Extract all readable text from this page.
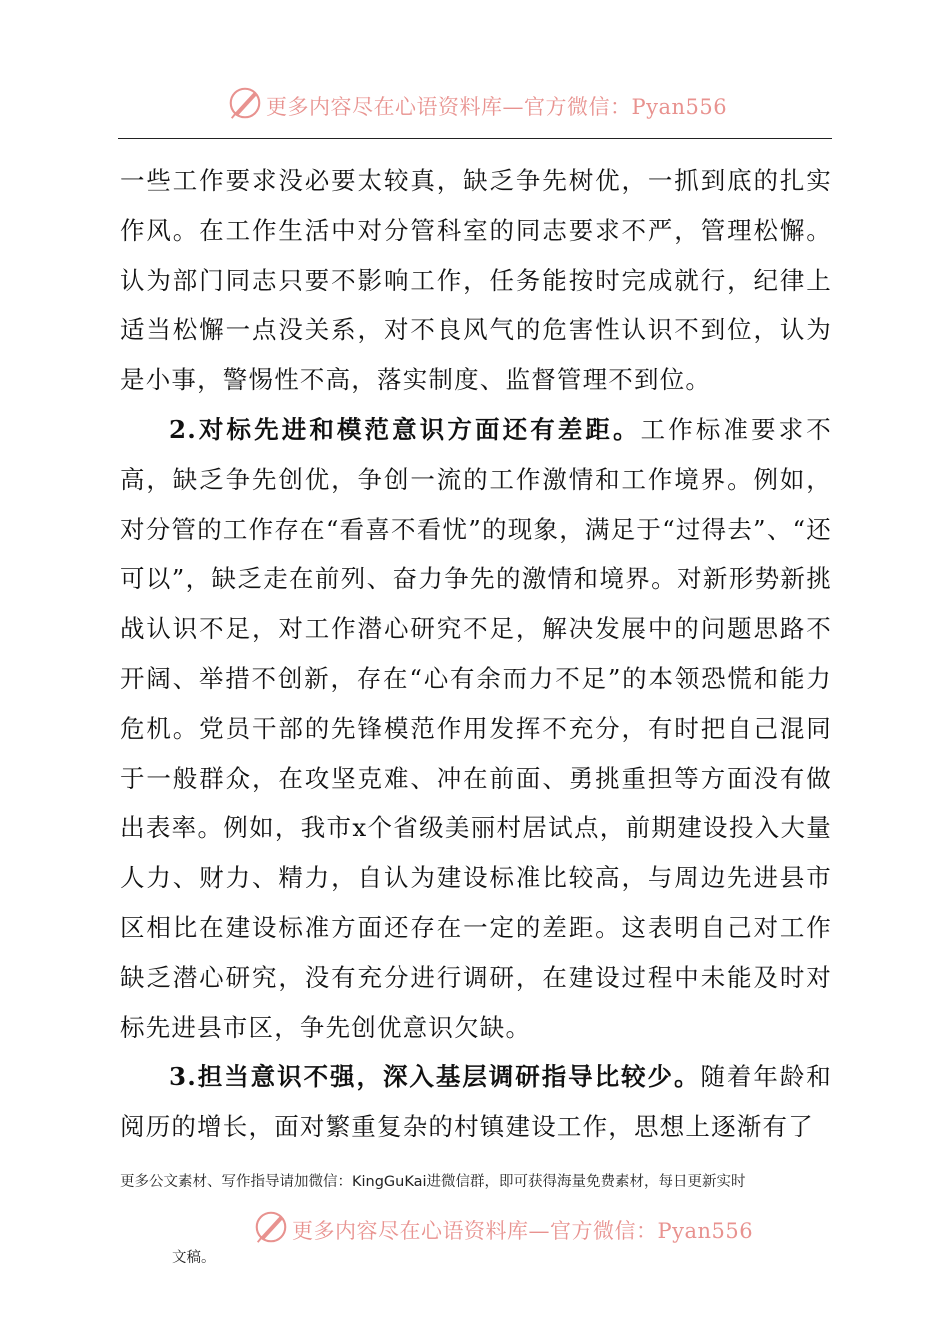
更多内容尽在心语资料库—官方微信：Pyan556

一些工作要求没必要太较真，缺乏争先树优，一抓到底的扎实作风。在工作生活中对分管科室的同志要求不严，管理松懈。认为部门同志只要不影响工作，任务能按时完成就行，纪律上适当松懈一点没关系，对不良风气的危害性认识不到位，认为是小事，警惕性不高，落实制度、监督管理不到位。

2.对标先进和模范意识方面还有差距。工作标准要求不高，缺乏争先创优，争创一流的工作激情和工作境界。例如，对分管的工作存在“看喜不看忧”的现象，满足于“过得去”、“还可以”，缺乏走在前列、奋力争先的激情和境界。对新形势新挑战认识不足，对工作潜心研究不足，解决发展中的问题思路不开阔、举措不创新，存在“心有余而力不足”的本领恐慌和能力危机。党员干部的先锋模范作用发挥不充分，有时把自己混同于一般群众，在攻坚克难、冲在前面、勇挑重担等方面没有做出表率。例如，我市x个省级美丽村居试点，前期建设投入大量人力、财力、精力，自认为建设标准比较高，与周边先进县市区相比在建设标准方面还存在一定的差距。这表明自己对工作缺乏潜心研究，没有充分进行调研，在建设过程中未能及时对标先进县市区，争先创优意识欠缺。

3.担当意识不强，深入基层调研指导比较少。随着年龄和阅历的增长，面对繁重复杂的村镇建设工作，思想上逐渐有了

更多公文素材、写作指导请加微信：KingGuKai进微信群，即可获得海量免费素材，每日更新实时
更多内容尽在心语资料库—官方微信：Pyan556
文稿。
